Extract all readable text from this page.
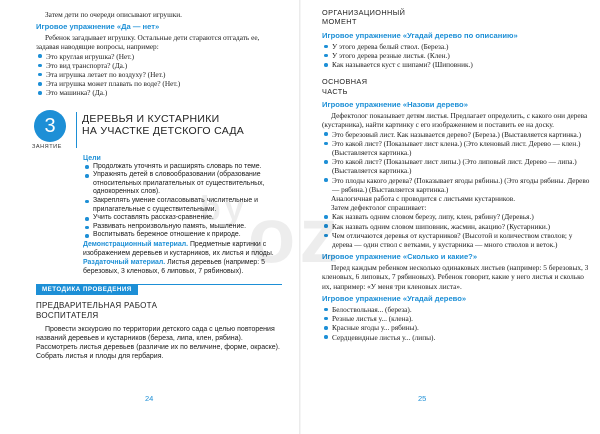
Затем дети по очереди описывают игрушки.

Игровое упражнение «Да — нет»

Ребенок загадывает игрушку. Остальные дети стараются отгадать ее, задавая наводящие вопросы, например:

Это круглая игрушка? (Нет.)
Это вид транспорта? (Да.)
Эта игрушка летает по воздуху? (Нет.)
Эта игрушка может плавать по воде? (Нет.)
Это машинка? (Да.)
3
ЗАНЯТИЕ
ДЕРЕВЬЯ И КУСТАРНИКИ
НА УЧАСТКЕ ДЕТСКОГО САДА
Цели
Продолжать уточнять и расширять словарь по теме.
Упражнять детей в словообразовании (образование относительных прилагательных от существительных, однокоренных слов).
Закреплять умение согласовывать числительные и прилагательные с существительными.
Учить составлять рассказ-сравнение.
Развивать непроизвольную память, мышление.
Воспитывать бережное отношение к природе.

Демонстрационный материал. Предметные картинки с изображением деревьев и кустарников, их листья и плоды.

Раздаточный материал. Листья деревьев (например: 5 березовых, 3 кленовых, 6 липовых, 7 рябиновых).

МЕТОДИКА ПРОВЕДЕНИЯ
ПРЕДВАРИТЕЛЬНАЯ РАБОТА
ВОСПИТАТЕЛЯ

Провести экскурсию по территории детского сада с целью повторения названий деревьев и кустарников (береза, липа, клен, рябина). Рассмотреть листья деревьев (различие их по величине, форме, окраске). Собрать листья и плоды для гербария.

ОРГАНИЗАЦИОННЫЙ
МОМЕНТ
Игровое упражнение «Угадай дерево по описанию»
У этого дерева белый ствол. (Береза.)
У этого дерева резные листья. (Клен.)
Как называется куст с шипами? (Шиповник.)
ОСНОВНАЯ
ЧАСТЬ
Игровое упражнение «Назови дерево»

Дефектолог показывает детям листья. Предлагает определить, с какого они дерева (кустарника), найти картинку с его изображением и поставить ее на доску.

Это березовый лист. Как называется дерево? (Береза.) (Выставляется картинка.)
Это какой лист? (Показывает лист клена.) (Это кленовый лист. Дерево — клен.) (Выставляется картинка.)
Это какой лист? (Показывает лист липы.) (Это липовый лист. Дерево — липа.) (Выставляется картинка.)
Это плоды какого дерева? (Показывает ягоды рябины.) (Это ягоды рябины. Дерево — рябина.) (Выставляется картинка.)

Аналогичная работа с проводится с листьями кустарников.

Затем дефектолог спрашивает:

Как назвать одним словом березу, липу, клен, рябину? (Деревья.)
Как назвать одним словом шиповник, жасмин, акацию? (Кустарники.)
Чем отличаются деревья от кустарников? (Высотой и количеством стволов; у дерева — один ствол с ветками, у кустарника — много стволов и веток.)
Игровое упражнение «Сколько и какие?»

Перед каждым ребенком несколько одинаковых листьев (например: 5 березовых, 3 кленовых, 6 липовых, 7 рябиновых). Ребенок говорит, какие у него листья и сколько их, например: «У меня три кленовых листа».

Игровое упражнение «Угадай дерево»
Белоствольная... (береза).
Резные листья у... (клена).
Красные ягоды у... рябины).
Сердцевидные листья у... (липы).
24	25
$^{by}$oz
